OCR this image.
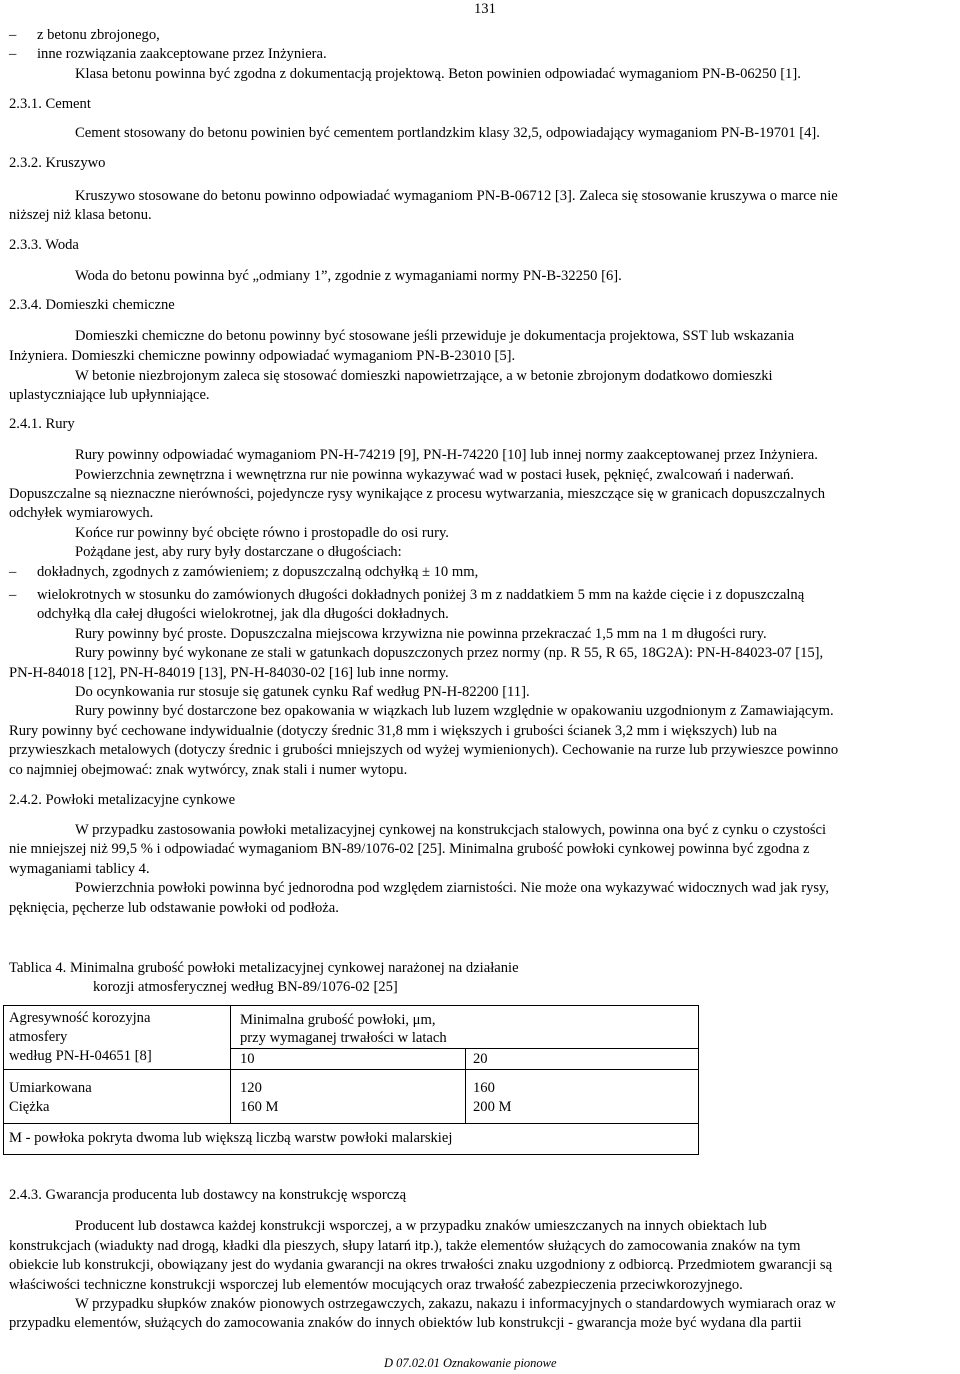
131
– z betonu zbrojonego,
– inne rozwiązania zaakceptowane przez Inżyniera.
Klasa betonu powinna być zgodna z dokumentacją projektową. Beton powinien odpowiadać wymaganiom PN-B-06250 [1].
2.3.1. Cement
Cement stosowany do betonu powinien być cementem portlandzkim klasy 32,5, odpowiadający wymaganiom PN-B-19701 [4].
2.3.2. Kruszywo
Kruszywo stosowane do betonu powinno odpowiadać wymaganiom PN-B-06712 [3]. Zaleca się stosowanie kruszywa o marce nie
niższej niż klasa betonu.
2.3.3. Woda
Woda do betonu powinna być „odmiany 1”, zgodnie z wymaganiami normy PN-B-32250 [6].
2.3.4. Domieszki chemiczne
Domieszki chemiczne do betonu powinny być stosowane jeśli przewiduje je dokumentacja projektowa, SST lub wskazania
Inżyniera. Domieszki chemiczne powinny odpowiadać wymaganiom PN-B-23010 [5].
W betonie niezbrojonym zaleca się stosować domieszki napowietrzające, a w betonie zbrojonym dodatkowo domieszki
uplastyczniające lub upłynniające.
2.4.1. Rury
Rury powinny odpowiadać wymaganiom PN-H-74219 [9], PN-H-74220 [10] lub innej normy zaakceptowanej przez Inżyniera.
Powierzchnia zewnętrzna i wewnętrzna rur nie powinna wykazywać wad w postaci łusek, pęknięć, zwalcowań i naderwań.
Dopuszczalne są nieznaczne nierówności, pojedyncze rysy wynikające z procesu wytwarzania, mieszczące się w granicach dopuszczalnych
odchyłek wymiarowych.
Końce rur powinny być obcięte równo i prostopadle do osi rury.
Pożądane jest, aby rury były dostarczane o długościach:
– dokładnych, zgodnych z zamówieniem; z dopuszczalną odchyłką ± 10 mm,
– wielokrotnych w stosunku do zamówionych długości dokładnych poniżej 3 m z naddatkiem 5 mm na każde cięcie i z dopuszczalną
odchyłką dla całej długości wielokrotnej, jak dla długości dokładnych.
Rury powinny być proste. Dopuszczalna miejscowa krzywizna nie powinna przekraczać 1,5 mm na 1 m długości rury.
Rury powinny być wykonane ze stali w gatunkach dopuszczonych przez normy (np. R 55, R 65, 18G2A): PN-H-84023-07 [15],
PN-H-84018 [12], PN-H-84019 [13], PN-H-84030-02 [16] lub inne normy.
Do ocynkowania rur stosuje się gatunek cynku Raf według PN-H-82200 [11].
Rury powinny być dostarczone bez opakowania w wiązkach lub luzem względnie w opakowaniu uzgodnionym z Zamawiającym.
Rury powinny być cechowane indywidualnie (dotyczy średnic 31,8 mm i większych i grubości ścianek 3,2 mm i większych) lub na
przywieszkach metalowych (dotyczy średnic i grubości mniejszych od wyżej wymienionych). Cechowanie na rurze lub przywieszce powinno
co najmniej obejmować: znak wytwórcy, znak stali i numer wytopu.
2.4.2. Powłoki metalizacyjne cynkowe
W przypadku zastosowania powłoki metalizacyjnej cynkowej na konstrukcjach stalowych, powinna ona być z cynku o czystości
nie mniejszej niż 99,5 % i odpowiadać wymaganiom BN-89/1076-02 [25]. Minimalna grubość powłoki cynkowej powinna być zgodna z
wymaganiami tablicy 4.
Powierzchnia powłoki powinna być jednorodna pod względem ziarnistości. Nie może ona wykazywać widocznych wad jak rysy,
pęknięcia, pęcherze lub odstawanie powłoki od podłoża.
Tablica 4. Minimalna grubość powłoki metalizacyjnej cynkowej narażonej na działanie
korozji atmosferycznej według BN-89/1076-02 [25]
Agresywność korozyjna
atmosfery
według PN-H-04651 [8]
Minimalna grubość powłoki, μm,
przy wymaganej trwałości w latach
10	20
Umiarkowana
Ciężka
120
160 M
160
200 M
M - powłoka pokryta dwoma lub większą liczbą warstw powłoki malarskiej
2.4.3. Gwarancja producenta lub dostawcy na konstrukcję wsporczą
Producent lub dostawca każdej konstrukcji wsporczej, a w przypadku znaków umieszczanych na innych obiektach lub
konstrukcjach (wiadukty nad drogą, kładki dla pieszych, słupy latarń itp.), także elementów służących do zamocowania znaków na tym
obiekcie lub konstrukcji, obowiązany jest do wydania gwarancji na okres trwałości znaku uzgodniony z odbiorcą. Przedmiotem gwarancji są
właściwości techniczne konstrukcji wsporczej lub elementów mocujących oraz trwałość zabezpieczenia przeciwkorozyjnego.
W przypadku słupków znaków pionowych ostrzegawczych, zakazu, nakazu i informacyjnych o standardowych wymiarach oraz w
przypadku elementów, służących do zamocowania znaków do innych obiektów lub konstrukcji - gwarancja może być wydana dla partii
D 07.02.01 Oznakowanie pionowe
